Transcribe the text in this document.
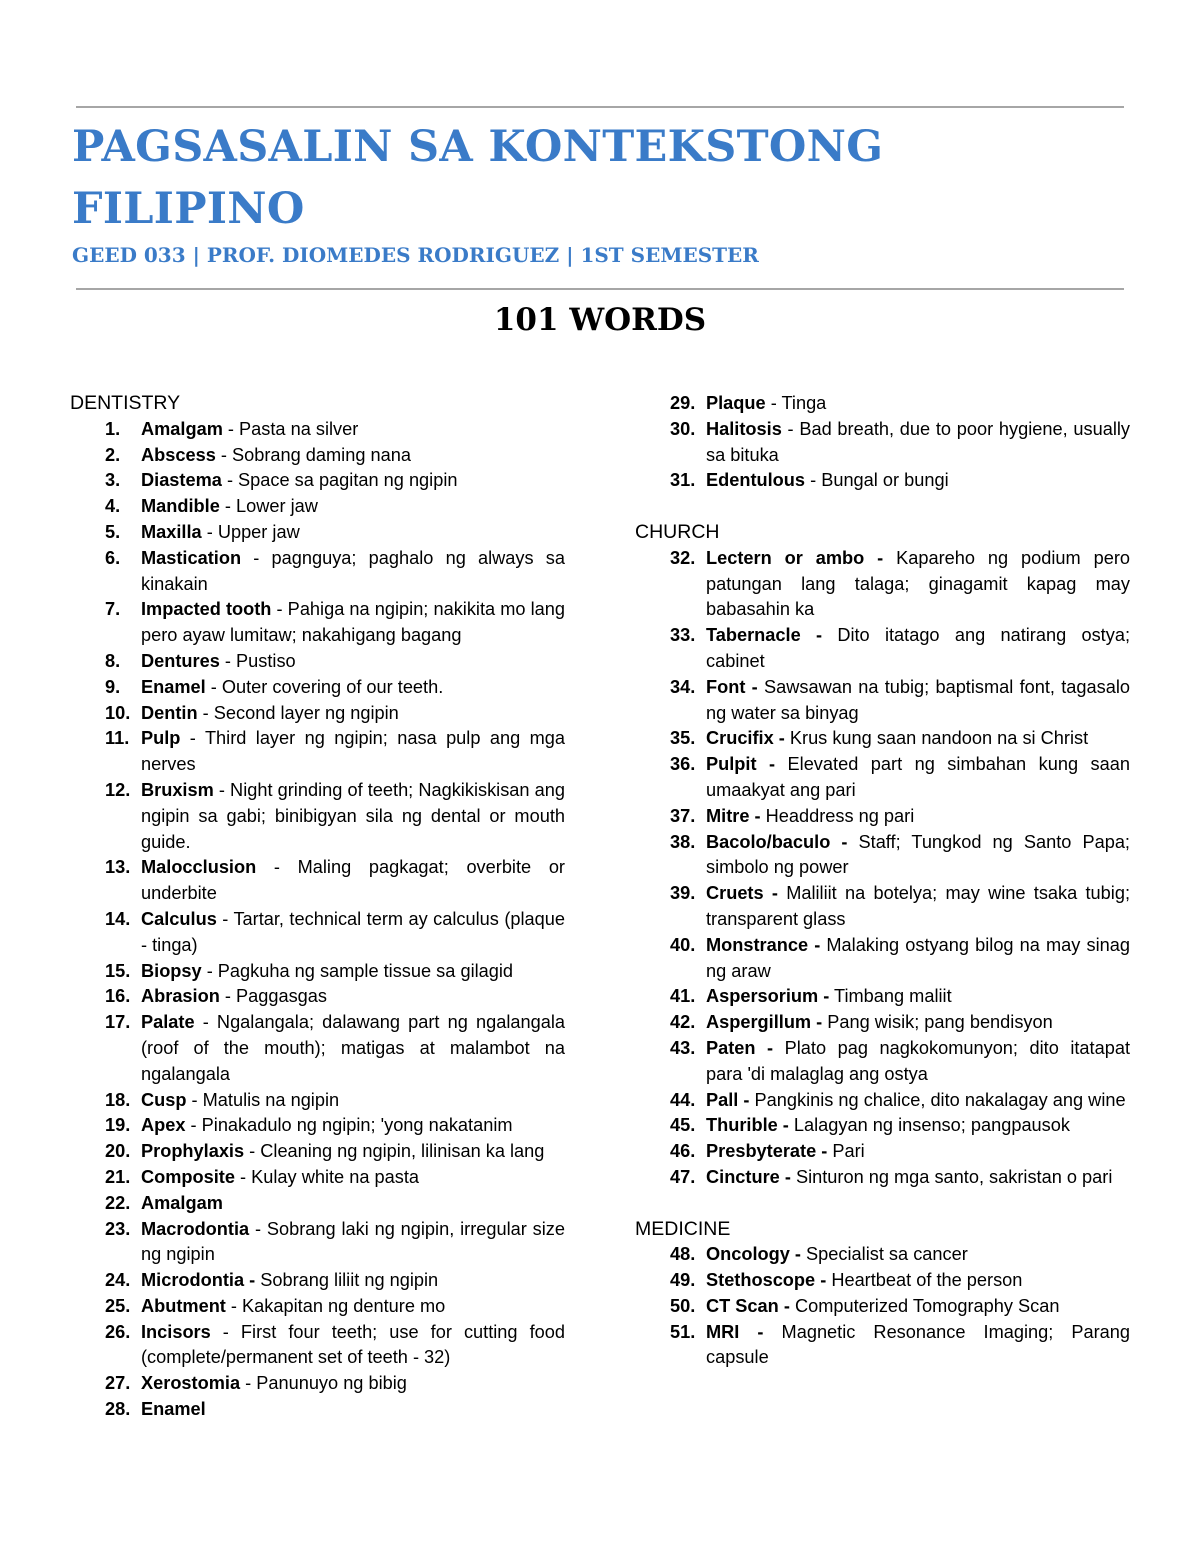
PAGSASALIN SA KONTEKSTONG
FILIPINO
GEED 033 | PROF. DIOMEDES RODRIGUEZ | 1ST SEMESTER
101 WORDS
DENTISTRY
1. Amalgam - Pasta na silver
2. Abscess - Sobrang daming nana
3. Diastema - Space sa pagitan ng ngipin
4. Mandible - Lower jaw
5. Maxilla - Upper jaw
6. Mastication - pagnguya; paghalo ng always sa kinakain
7. Impacted tooth - Pahiga na ngipin; nakikita mo lang pero ayaw lumitaw; nakahigang bagang
8. Dentures - Pustiso
9. Enamel - Outer covering of our teeth.
10. Dentin - Second layer ng ngipin
11. Pulp - Third layer ng ngipin; nasa pulp ang mga nerves
12. Bruxism - Night grinding of teeth; Nagkikiskisan ang ngipin sa gabi; binibigyan sila ng dental or mouth guide.
13. Malocclusion - Maling pagkagat; overbite or underbite
14. Calculus - Tartar, technical term ay calculus (plaque - tinga)
15. Biopsy - Pagkuha ng sample tissue sa gilagid
16. Abrasion - Paggasgas
17. Palate - Ngalangala; dalawang part ng ngalangala (roof of the mouth); matigas at malambot na ngalangala
18. Cusp - Matulis na ngipin
19. Apex - Pinakadulo ng ngipin; 'yong nakatanim
20. Prophylaxis - Cleaning ng ngipin, lilinisan ka lang
21. Composite - Kulay white na pasta
22. Amalgam
23. Macrodontia - Sobrang laki ng ngipin, irregular size ng ngipin
24. Microdontia - Sobrang liliit ng ngipin
25. Abutment - Kakapitan ng denture mo
26. Incisors - First four teeth; use for cutting food (complete/permanent set of teeth - 32)
27. Xerostomia - Panunuyo ng bibig
28. Enamel
29. Plaque - Tinga
30. Halitosis - Bad breath, due to poor hygiene, usually sa bituka
31. Edentulous - Bungal or bungi
CHURCH
32. Lectern or ambo - Kapareho ng podium pero patungan lang talaga; ginagamit kapag may babasahin ka
33. Tabernacle - Dito itatago ang natirang ostya; cabinet
34. Font - Sawsawan na tubig; baptismal font, tagasalo ng water sa binyag
35. Crucifix - Krus kung saan nandoon na si Christ
36. Pulpit - Elevated part ng simbahan kung saan umaakyat ang pari
37. Mitre - Headdress ng pari
38. Bacolo/baculo - Staff; Tungkod ng Santo Papa; simbolo ng power
39. Cruets - Maliliit na botelya; may wine tsaka tubig; transparent glass
40. Monstrance - Malaking ostyang bilog na may sinag ng araw
41. Aspersorium - Timbang maliit
42. Aspergillum - Pang wisik; pang bendisyon
43. Paten - Plato pag nagkokomunyon; dito itatapat para 'di malaglag ang ostya
44. Pall - Pangkinis ng chalice, dito nakalagay ang wine
45. Thurible - Lalagyan ng insenso; pangpausok
46. Presbyterate - Pari
47. Cincture - Sinturon ng mga santo, sakristan o pari
MEDICINE
48. Oncology - Specialist sa cancer
49. Stethoscope - Heartbeat of the person
50. CT Scan - Computerized Tomography Scan
51. MRI - Magnetic Resonance Imaging; Parang capsule
